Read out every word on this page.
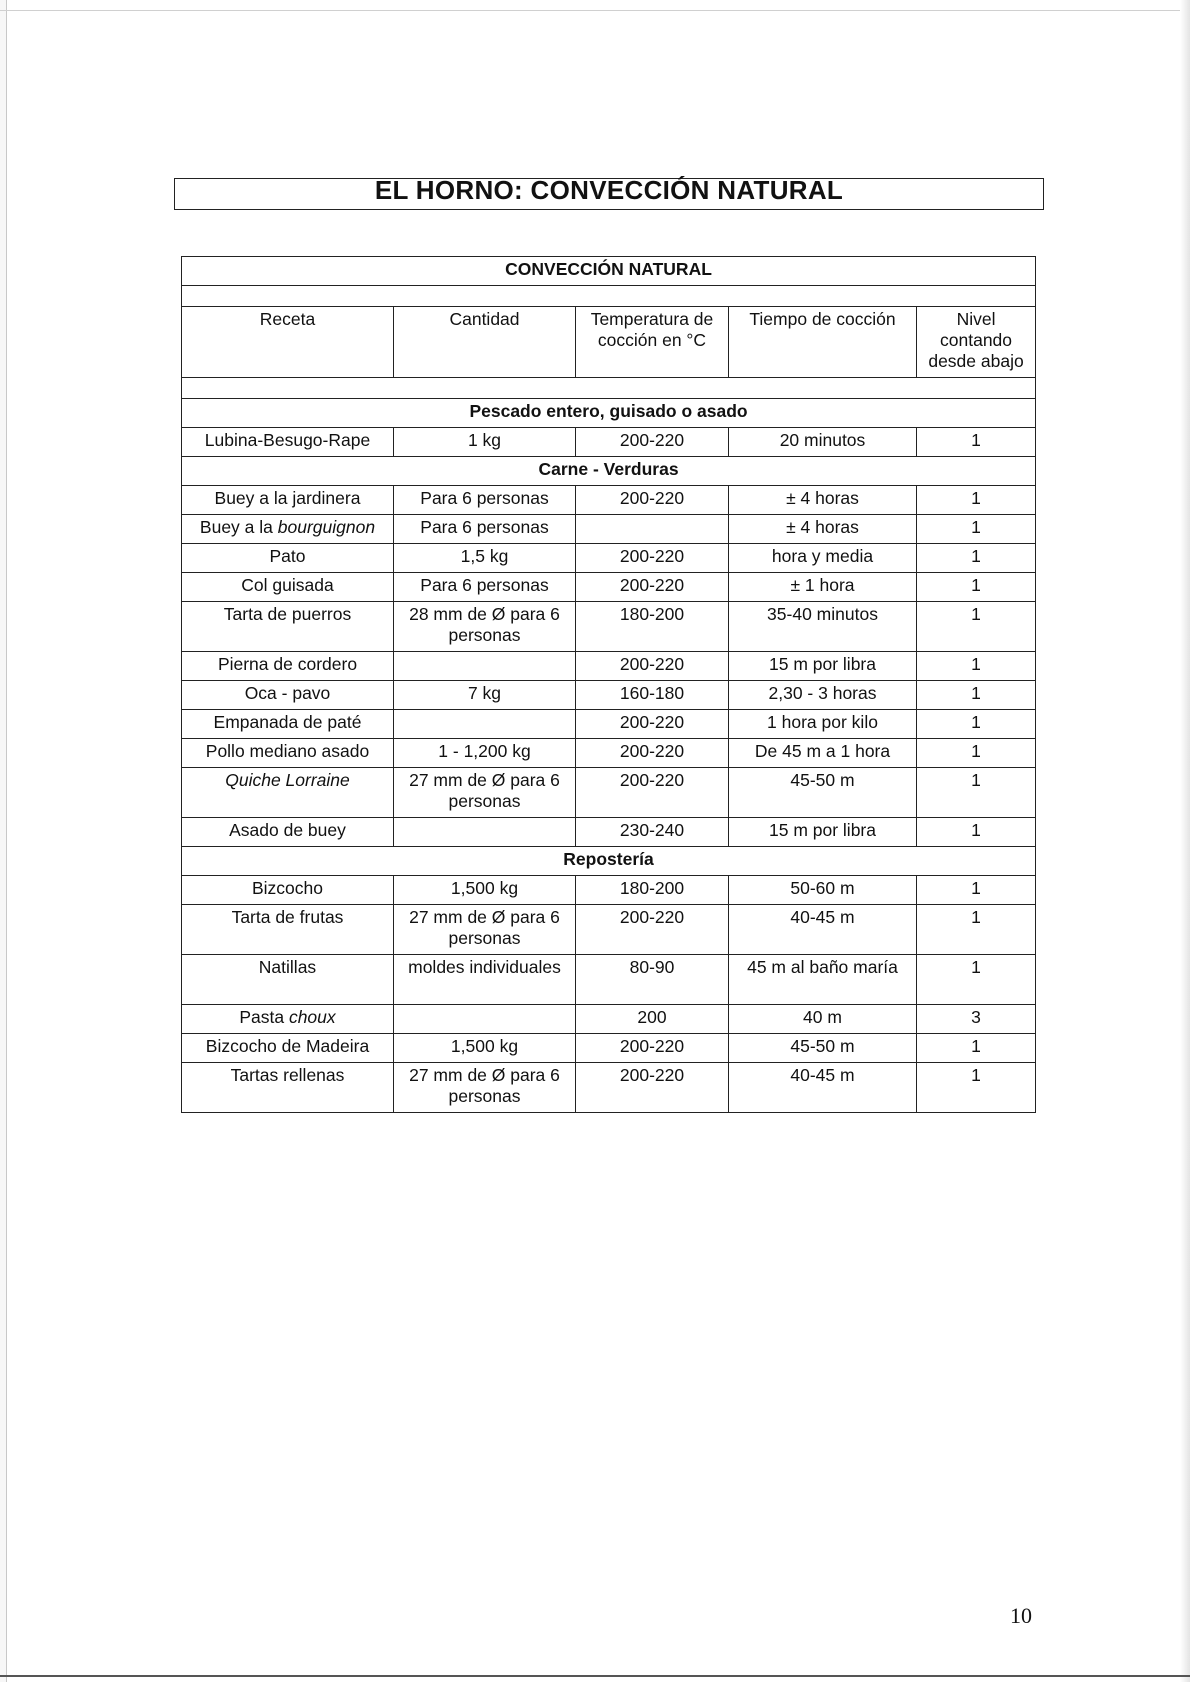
EL HORNO: CONVECCIÓN NATURAL
CONVECCIÓN NATURAL				

Receta	Cantidad	Temperatura de cocción en °C	Tiempo de cocción	Nivel contando desde abajo

Pescado entero, guisado o asado				
Lubina-Besugo-Rape	1 kg	200-220	20 minutos	1
Carne - Verduras				
Buey a la jardinera	Para 6 personas	200-220	± 4 horas	1
Buey a la bourguignon	Para 6 personas		± 4 horas	1
Pato	1,5 kg	200-220	hora y media	1
Col guisada	Para 6 personas	200-220	± 1 hora	1
Tarta de puerros	28 mm de Ø para 6 personas	180-200	35-40 minutos	1
Pierna de cordero		200-220	15 m por libra	1
Oca - pavo	7 kg	160-180	2,30 - 3 horas	1
Empanada de paté		200-220	1 hora por kilo	1
Pollo mediano asado	1 - 1,200 kg	200-220	De 45 m a 1 hora	1
Quiche Lorraine	27 mm de Ø para 6 personas	200-220	45-50 m	1
Asado de buey		230-240	15 m por libra	1
Repostería				
Bizcocho	1,500 kg	180-200	50-60 m	1
Tarta de frutas	27 mm de Ø para 6 personas	200-220	40-45 m	1
Natillas	moldes individuales	80-90	45 m al baño maría	1
Pasta choux		200	40 m	3
Bizcocho de Madeira	1,500 kg	200-220	45-50 m	1
Tartas rellenas	27 mm de Ø para 6 personas	200-220	40-45 m	1
10
